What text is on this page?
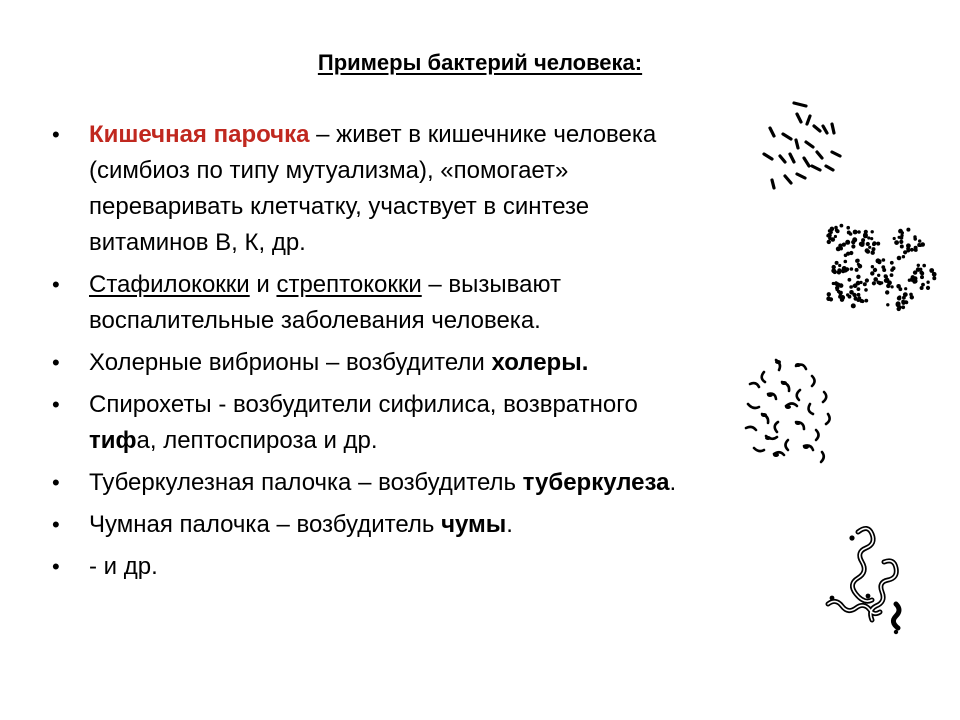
Примеры бактерий человека:
• Кишечная парочка – живет в кишечнике человека (симбиоз по типу мутуализма), «помогает» переваривать клетчатку, участвует в синтезе витаминов В, К, др.
• Стафилококки и стрептококки – вызывают воспалительные заболевания человека.
• Холерные вибрионы – возбудители холеры.
• Спирохеты - возбудители сифилиса, возвратного тифа, лептоспироза и др.
• Туберкулезная палочка – возбудитель туберкулеза.
• Чумная палочка – возбудитель чумы.
• - и др.
